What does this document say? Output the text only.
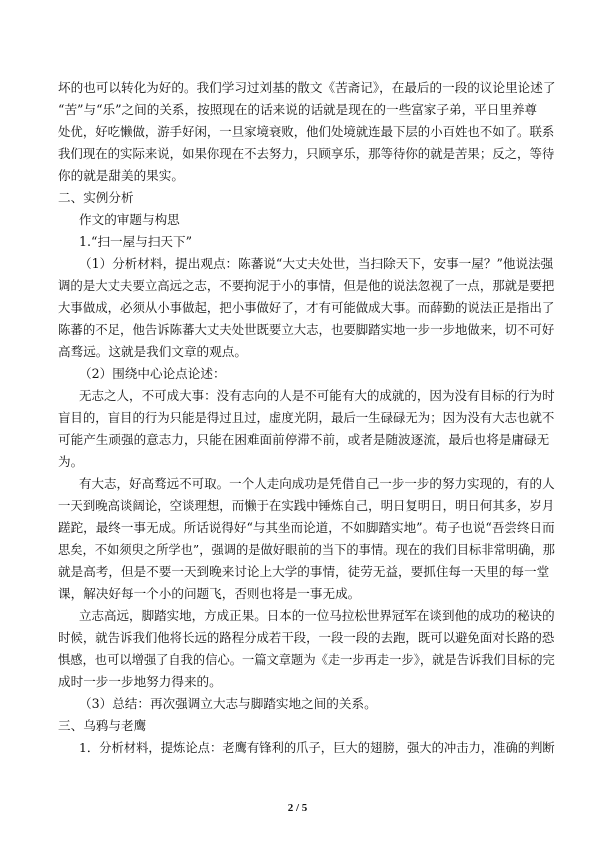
坏的也可以转化为好的。我们学习过刘基的散文《苦斋记》，在最后的一段的议论里论述了
“苦”与“乐”之间的关系，按照现在的话来说的话就是现在的一些富家子弟，平日里养尊
处优，好吃懒做，游手好闲，一旦家境衰败，他们处境就连最下层的小百姓也不如了。联系
我们现在的实际来说，如果你现在不去努力，只顾享乐，那等待你的就是苦果；反之，等待
你的就是甜美的果实。
二、实例分析
作文的审题与构思
1.“扫一屋与扫天下”
（1）分析材料，提出观点：陈蕃说“大丈夫处世，当扫除天下，安事一屋？”他说法强
调的是大丈夫要立高远之志，不要拘泥于小的事情，但是他的说法忽视了一点，那就是要把
大事做成，必须从小事做起，把小事做好了，才有可能做成大事。而薛勤的说法正是指出了
陈蕃的不足，他告诉陈蕃大丈夫处世既要立大志，也要脚踏实地一步一步地做来，切不可好
高骛远。这就是我们文章的观点。
（2）围绕中心论点论述：
无志之人，不可成大事：没有志向的人是不可能有大的成就的，因为没有目标的行为时
盲目的，盲目的行为只能是得过且过，虚度光阴，最后一生碌碌无为；因为没有大志也就不
可能产生顽强的意志力，只能在困难面前停滞不前，或者是随波逐流，最后也将是庸碌无
为。
有大志，好高骛远不可取。一个人走向成功是凭借自己一步一步的努力实现的，有的人
一天到晚高谈阔论，空谈理想，而懒于在实践中锤炼自己，明日复明日，明日何其多，岁月
蹉跎，最终一事无成。所话说得好“与其坐而论道，不如脚踏实地”。荀子也说“吾尝终日而
思矣，不如须臾之所学也”，强调的是做好眼前的当下的事情。现在的我们目标非常明确，那
就是高考，但是不要一天到晚来讨论上大学的事情，徒劳无益，要抓住每一天里的每一堂
课，解决好每一个小的问题飞，否则也将是一事无成。
立志高远，脚踏实地，方成正果。日本的一位马拉松世界冠军在谈到他的成功的秘诀的
时候，就告诉我们他将长远的路程分成若干段，一段一段的去跑，既可以避免面对长路的恐
惧感，也可以增强了自我的信心。一篇文章题为《走一步再走一步》，就是告诉我们目标的完
成时一步一步地努力得来的。
（3）总结：再次强调立大志与脚踏实地之间的关系。
三、乌鸦与老鹰
1．分析材料，提炼论点：老鹰有锋利的爪子，巨大的翅膀，强大的冲击力，准确的判断
2 / 5
